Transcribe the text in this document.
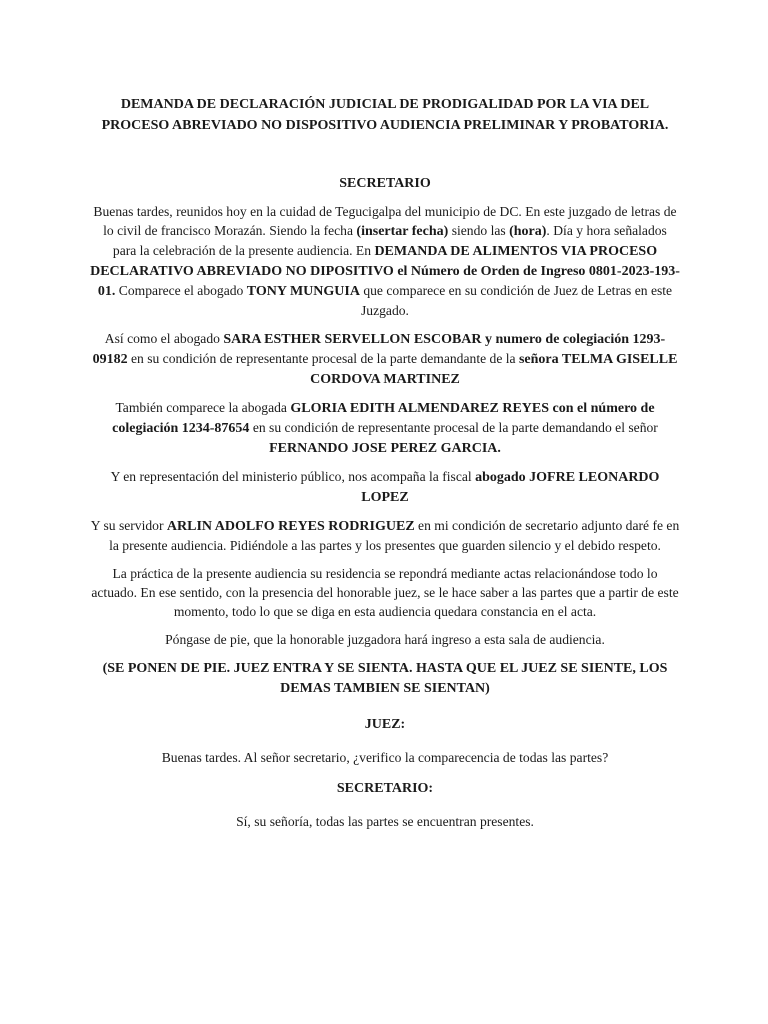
DEMANDA DE DECLARACIÓN JUDICIAL DE PRODIGALIDAD POR LA VIA DEL PROCESO ABREVIADO NO DISPOSITIVO AUDIENCIA PRELIMINAR Y PROBATORIA.

SECRETARIO

Buenas tardes, reunidos hoy en la cuidad de Tegucigalpa del municipio de DC. En este juzgado de letras de lo civil de francisco Morazán. Siendo la fecha (insertar fecha) siendo las (hora). Día y hora señalados para la celebración de la presente audiencia. En DEMANDA DE ALIMENTOS VIA PROCESO DECLARATIVO ABREVIADO NO DIPOSITIVO el Número de Orden de Ingreso 0801-2023-193-01. Comparece el abogado TONY MUNGUIA que comparece en su condición de Juez de Letras en este Juzgado.

Así como el abogado SARA ESTHER SERVELLON ESCOBAR y numero de colegiación 1293-09182 en su condición de representante procesal de la parte demandante de la señora TELMA GISELLE CORDOVA MARTINEZ

También comparece la abogada GLORIA EDITH ALMENDAREZ REYES con el número de colegiación 1234-87654 en su condición de representante procesal de la parte demandando el señor FERNANDO JOSE PEREZ GARCIA.

Y en representación del ministerio público, nos acompaña la fiscal abogado JOFRE LEONARDO LOPEZ

Y su servidor ARLIN ADOLFO REYES RODRIGUEZ en mi condición de secretario adjunto daré fe en la presente audiencia. Pidiéndole a las partes y los presentes que guarden silencio y el debido respeto.

La práctica de la presente audiencia su residencia se repondrá mediante actas relacionándose todo lo actuado. En ese sentido, con la presencia del honorable juez, se le hace saber a las partes que a partir de este momento, todo lo que se diga en esta audiencia quedara constancia en el acta.

Póngase de pie, que la honorable juzgadora hará ingreso a esta sala de audiencia.

(SE PONEN DE PIE. JUEZ ENTRA Y SE SIENTA. HASTA QUE EL JUEZ SE SIENTE, LOS DEMAS TAMBIEN SE SIENTAN)

JUEZ:

Buenas tardes. Al señor secretario, ¿verifico la comparecencia de todas las partes?

SECRETARIO:

Sí, su señoría, todas las partes se encuentran presentes.
